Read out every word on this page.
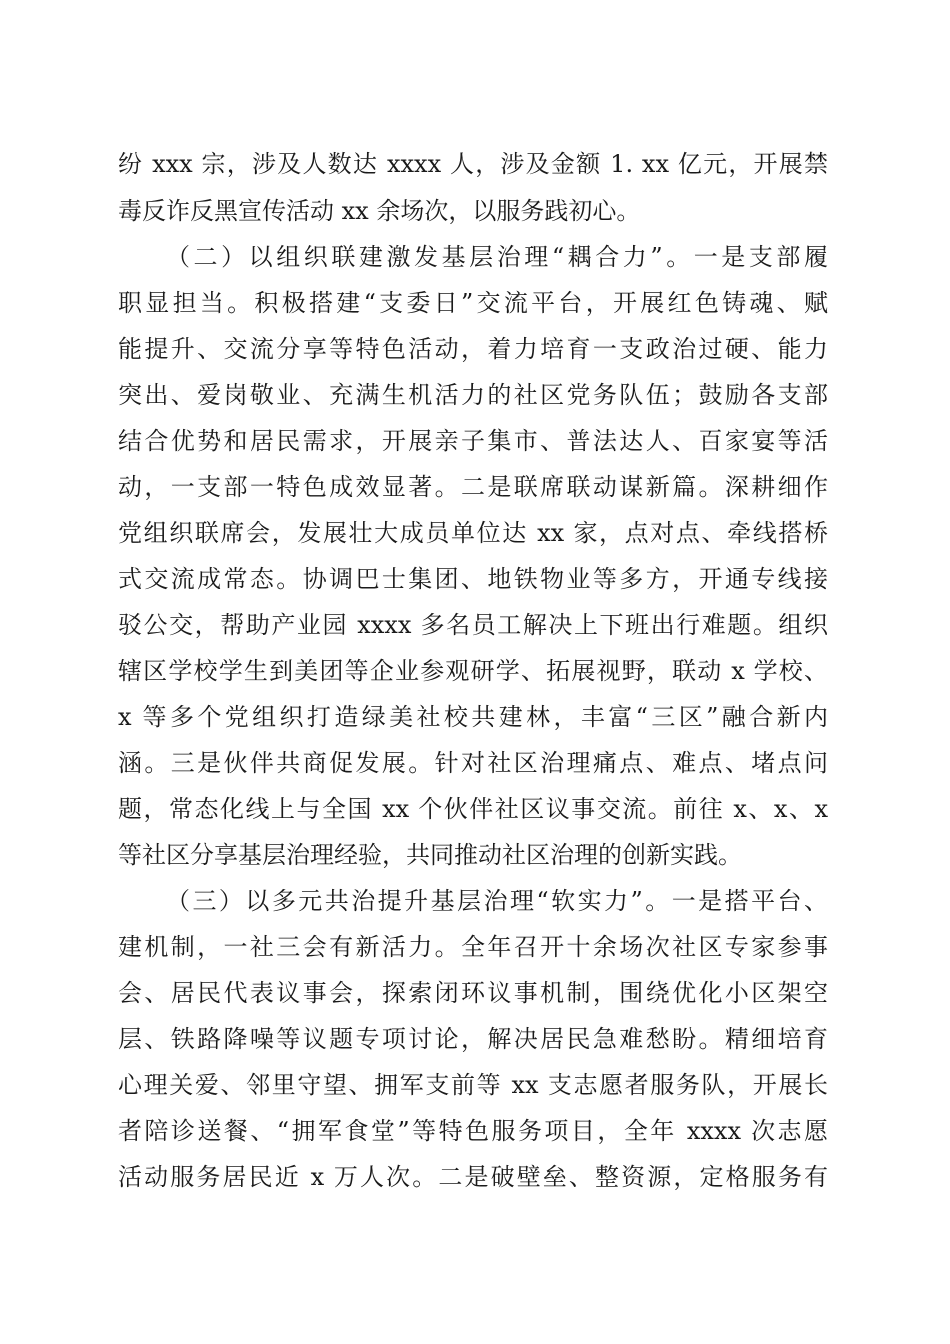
纷 xxx 宗，涉及人数达 xxxx 人，涉及金额 1. xx 亿元，开展禁
毒反诈反黑宣传活动 xx 余场次，以服务践初心。
（二）以组织联建激发基层治理“耦合力”。一是支部履
职显担当。积极搭建“支委日”交流平台，开展红色铸魂、赋
能提升、交流分享等特色活动，着力培育一支政治过硬、能力
突出、爱岗敬业、充满生机活力的社区党务队伍；鼓励各支部
结合优势和居民需求，开展亲子集市、普法达人、百家宴等活
动，一支部一特色成效显著。二是联席联动谋新篇。深耕细作
党组织联席会，发展壮大成员单位达 xx 家，点对点、牵线搭桥
式交流成常态。协调巴士集团、地铁物业等多方，开通专线接
驳公交，帮助产业园 xxxx 多名员工解决上下班出行难题。组织
辖区学校学生到美团等企业参观研学、拓展视野，联动 x 学校、
x 等多个党组织打造绿美社校共建林，丰富“三区”融合新内
涵。三是伙伴共商促发展。针对社区治理痛点、难点、堵点问
题，常态化线上与全国 xx 个伙伴社区议事交流。前往 x、x、x
等社区分享基层治理经验，共同推动社区治理的创新实践。
（三）以多元共治提升基层治理“软实力”。一是搭平台、
建机制，一社三会有新活力。全年召开十余场次社区专家参事
会、居民代表议事会，探索闭环议事机制，围绕优化小区架空
层、铁路降噪等议题专项讨论，解决居民急难愁盼。精细培育
心理关爱、邻里守望、拥军支前等 xx 支志愿者服务队，开展长
者陪诊送餐、“拥军食堂”等特色服务项目，全年 xxxx 次志愿
活动服务居民近 x 万人次。二是破壁垒、整资源，定格服务有
